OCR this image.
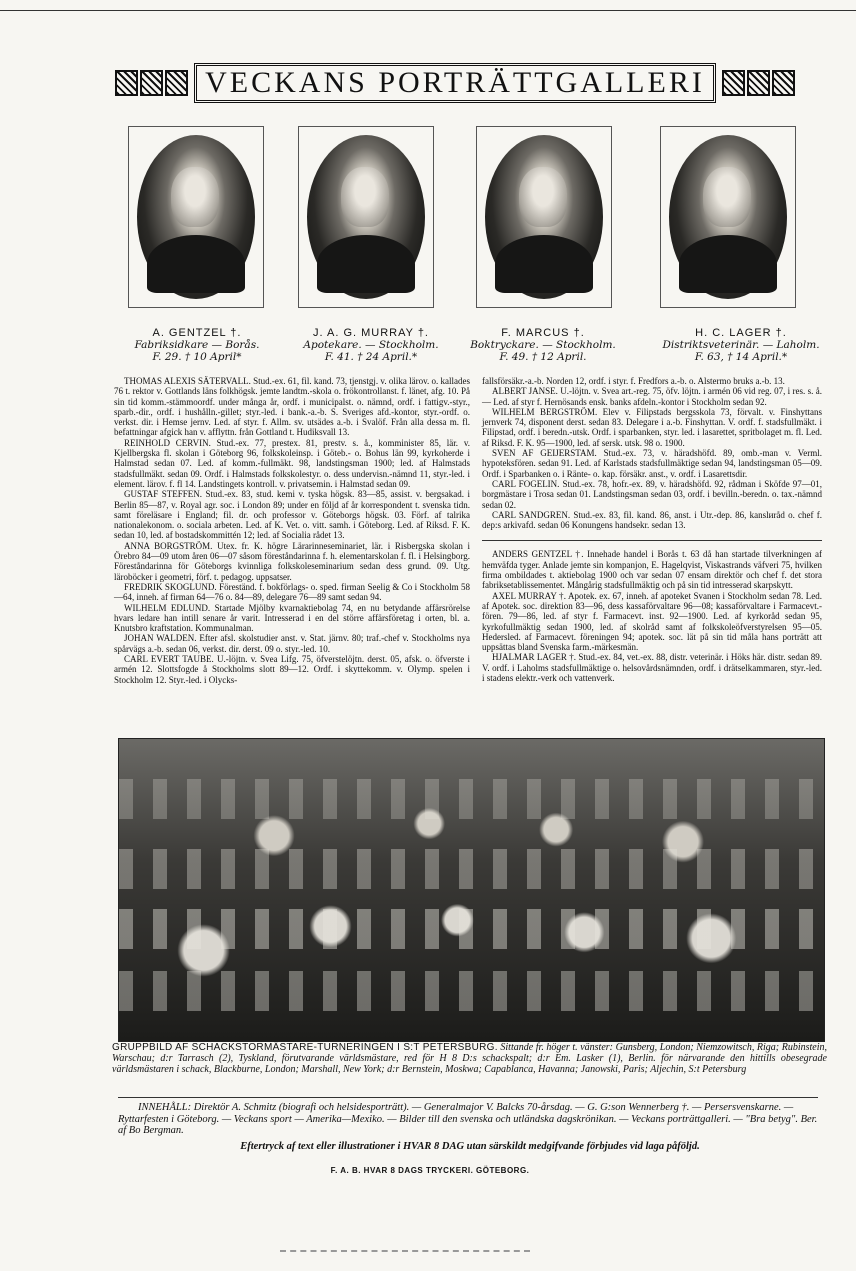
VECKANS PORTRÄTTGALLERI
A. GENTZEL †.
Fabriksidkare — Borås.
F. 29. † 10 April*
J. A. G. MURRAY †.
Apotekare. — Stockholm.
F. 41. † 24 April.*
F. MARCUS †.
Boktryckare. — Stockholm.
F. 49. † 12 April.
H. C. LAGER †.
Distriktsveterinär. — Laholm.
F. 63, † 14 April.*

THOMAS ALEXIS SÄTERVALL. Stud.-ex. 61, fil. kand. 73, tjenstgj. v. olika lärov. o. kallades 76 t. rektor v. Gottlands läns folkhögsk. jemte landtm.-skola o. frökontrollanst. f. länet, afg. 10. På sin tid komm.-stämmoordf. under många år, ordf. i municipalst. o. nämnd, ordf. i fattigv.-styr., sparb.-dir., ordf. i hushålln.-gillet; styr.-led. i bank.-a.-b. S. Sveriges afd.-kontor, styr.-ordf. o. verkst. dir. i Hemse jernv. Led. af styr. f. Allm. sv. utsädes a.-b. i Svalöf. Från alla dessa m. fl. befattningar afgick han v. afflyttn. från Gottland t. Hudiksvall 13.

REINHOLD CERVIN. Stud.-ex. 77, prestex. 81, prestv. s. å., komminister 85, lär. v. Kjellbergska fl. skolan i Göteborg 96, folkskoleinsp. i Göteb.- o. Bohus län 99, kyrkoherde i Halmstad sedan 07. Led. af komm.-fullmäkt. 98, landstingsman 1900; led. af Halmstads stadsfullmäkt. sedan 09. Ordf. i Halmstads folkskolestyr. o. dess undervisn.-nämnd 11, styr.-led. i element. lärov. f. fl 14. Landstingets kontroll. v. privatsemin. i Halmstad sedan 09.

GUSTAF STEFFEN. Stud.-ex. 83, stud. kemi v. tyska högsk. 83—85, assist. v. bergsakad. i Berlin 85—87, v. Royal agr. soc. i London 89; under en följd af år korrespondent t. svenska tidn. samt föreläsare i England; fil. dr. och professor v. Göteborgs högsk. 03. Förf. af talrika nationalekonom. o. sociala arbeten. Led. af K. Vet. o. vitt. samh. i Göteborg. Led. af Riksd. F. K. sedan 10, led. af bostadskommittén 12; led. af Socialia rådet 13.

ANNA BORGSTRÖM. Utex. fr. K. högre Lärarinneseminariet, lär. i Risbergska skolan i Örebro 84—09 utom åren 06—07 såsom föreståndarinna f. h. elementarskolan f. fl. i Helsingborg. Föreståndarinna för Göteborgs kvinnliga folkskoleseminarium sedan dess grund. 09. Utg. läroböcker i geometri, förf. t. pedagog. uppsatser.

FREDRIK SKOGLUND. Föreständ. f. bokförlags- o. sped. firman Seelig & Co i Stockholm 58—64, inneh. af firman 64—76 o. 84—89, delegare 76—89 samt sedan 94.

WILHELM EDLUND. Startade Mjölby kvarnaktiebolag 74, en nu betydande affärsrörelse hvars ledare han intill senare år varit. Intresserad i en del större affärsföretag i orten, bl. a. Knutsbro kraftstation. Kommunalman.

JOHAN WALDEN. Efter afsl. skolstudier anst. v. Stat. järnv. 80; traf.-chef v. Stockholms nya spårvägs a.-b. sedan 06, verkst. dir. derst. 09 o. styr.-led. 10.

CARL EVERT TAUBE. U.-löjtn. v. Svea Lifg. 75, öfverstelöjtn. derst. 05, afsk. o. öfverste i armén 12. Slottsfogde å Stockholms slott 89—12. Ordf. i skyttekomm. v. Olymp. spelen i Stockholm 12. Styr.-led. i Olycks-

fallsförsäkr.-a.-b. Norden 12, ordf. i styr. f. Fredfors a.-b. o. Alstermo bruks a.-b. 13.

ALBERT JANSE. U.-löjtn. v. Svea art.-reg. 75, öfv. löjtn. i armén 06 vid reg. 07, i res. s. å. — Led. af styr f. Hernösands ensk. banks afdeln.-kontor i Stockholm sedan 92.

WILHELM BERGSTRÖM. Elev v. Filipstads bergsskola 73, förvalt. v. Finshyttans jernverk 74, disponent derst. sedan 83. Delegare i a.-b. Finshyttan. V. ordf. f. stadsfullmäkt. i Filipstad, ordf. i beredn.-utsk. Ordf. i sparbanken, styr. led. i lasarettet, spritbolaget m. fl. Led. af Riksd. F. K. 95—1900, led. af sersk. utsk. 98 o. 1900.

SVEN AF GEIJERSTAM. Stud.-ex. 73, v. häradshöfd. 89, omb.-man v. Verml. hypoteksfören. sedan 91. Led. af Karlstads stadsfullmäktige sedan 94, landstingsman 05—09. Ordf. i Sparbanken o. i Räntе- o. kap. försäkr. anst., v. ordf. i Lasarettsdir.

CARL FOGELIN. Stud.-ex. 78, hofr.-ex. 89, v. häradshöfd. 92, rådman i Sköfde 97—01, borgmästare i Trosa sedan 01. Landstingsman sedan 03, ordf. i bevilln.-beredn. o. tax.-nämnd sedan 02.

CARL SANDGREN. Stud.-ex. 83, fil. kand. 86, anst. i Utr.-dep. 86, kanslиråd o. chef f. dep:s arkivafd. sedan 06 Konungens handsekr. sedan 13.

ANDERS GENTZEL †. Innehade handel i Borås t. 63 då han startade tilverkningen af hemväfda tyger. Anlade jemte sin kompanjon, E. Hagelqvist, Viskastrands väfveri 75, hvilken firma ombildades t. aktiebolag 1900 och var sedan 07 ensam direktör och chef f. det stora fabriksetablissementet. Mångårig stadsfullmäktig och på sin tid intresserad skarpskytt.

AXEL MURRAY †. Apotek. ex. 67, inneh. af apoteket Svanen i Stockholm sedan 78. Led. af Apotek. soc. direktion 83—96, dess kassaförvaltare 96—08; kassaförvaltare i Farmacevt.-fören. 79—86, led. af styr f. Farmacevt. inst. 92—1900. Led. af kyrkoråd sedan 95, kyrkofullmäktig sedan 1900, led. af skolråd samt af folkskoleöfverstyrelsen 95—05. Hedersled. af Farmacevt. föreningen 94; apotek. soc. lät på sin tid måla hans porträtt att uppsättas bland Svenska farm.-märkesmän.

HJALMAR LAGER †. Stud.-ex. 84, vet.-ex. 88, distr. veterinär. i Höks här. distr. sedan 89. V. ordf. i Laholms stadsfullmäktige o. helsovårdsnämnden, ordf. i drätselkammaren, styr.-led. i stadens elektr.-verk och vattenverk.

GRUPPBILD AF SCHACKSTORMÄSTARE-TURNERINGEN I S:T PETERSBURG. Sittande fr. höger t. vänster: Gunsberg, London; Niemzowitsch, Riga; Rubinstein, Warschau; d:r Tarrasch (2), Tyskland, förutvarande världsmästare, red för H 8 D:s schackspalt; d:r Em. Lasker (1), Berlin. för närvarande den hittills obesegrade världsmästaren i schack, Blackburne, London; Marshall, New York; d:r Bernstein, Moskwa; Capablanca, Havanna; Janowski, Paris; Aljechin, S:t Petersburg
INNEHÅLL: Direktör A. Schmitz (biografi och helsidesporträtt). — Generalmajor V. Balcks 70-årsdag. — G. G:son Wennerberg †. — Persersvenskarne. — Ryttarfesten i Göteborg. — Veckans sport — Amerika—Mexiko. — Bilder till den svenska och utländska dagskrönikan. — Veckans porträttgalleri. — "Bra betyg". Ber. af Bo Bergman.
Eftertryck af text eller illustrationer i HVAR 8 DAG utan särskildt medgifvande förbjudes vid laga påföljd.
F. A. B. HVAR 8 DAGS TRYCKERI. GÖTEBORG.
